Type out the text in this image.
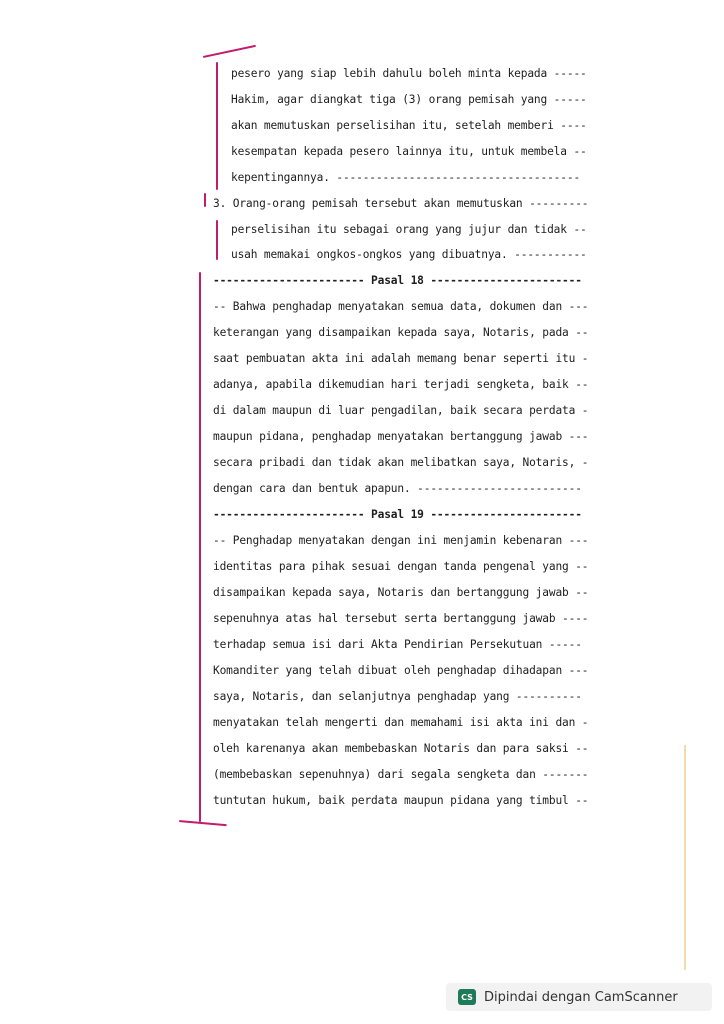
pesero yang siap lebih dahulu boleh minta kepada -----
Hakim, agar diangkat tiga (3) orang pemisah yang -----
akan memutuskan perselisihan itu, setelah memberi ----
kesempatan kepada pesero lainnya itu, untuk membela --
kepentingannya. -------------------------------------
3. Orang-orang pemisah tersebut akan memutuskan ---------
perselisihan itu sebagai orang yang jujur dan tidak --
usah memakai ongkos-ongkos yang dibuatnya. -----------
----------------------- Pasal 18 -----------------------
-- Bahwa penghadap menyatakan semua data, dokumen dan ---
keterangan yang disampaikan kepada saya, Notaris, pada --
saat pembuatan akta ini adalah memang benar seperti itu -
adanya, apabila dikemudian hari terjadi sengketa, baik --
di dalam maupun di luar pengadilan, baik secara perdata -
maupun pidana, penghadap menyatakan bertanggung jawab ---
secara pribadi dan tidak akan melibatkan saya, Notaris, -
dengan cara dan bentuk apapun. -------------------------
----------------------- Pasal 19 -----------------------
-- Penghadap menyatakan dengan ini menjamin kebenaran ---
identitas para pihak sesuai dengan tanda pengenal yang --
disampaikan kepada saya, Notaris dan bertanggung jawab --
sepenuhnya atas hal tersebut serta bertanggung jawab ----
terhadap semua isi dari Akta Pendirian Persekutuan -----
Komanditer yang telah dibuat oleh penghadap dihadapan ---
saya, Notaris, dan selanjutnya penghadap yang ----------
menyatakan telah mengerti dan memahami isi akta ini dan -
oleh karenanya akan membebaskan Notaris dan para saksi --
(membebaskan sepenuhnya) dari segala sengketa dan -------
tuntutan hukum, baik perdata maupun pidana yang timbul --
CS Dipindai dengan CamScanner
